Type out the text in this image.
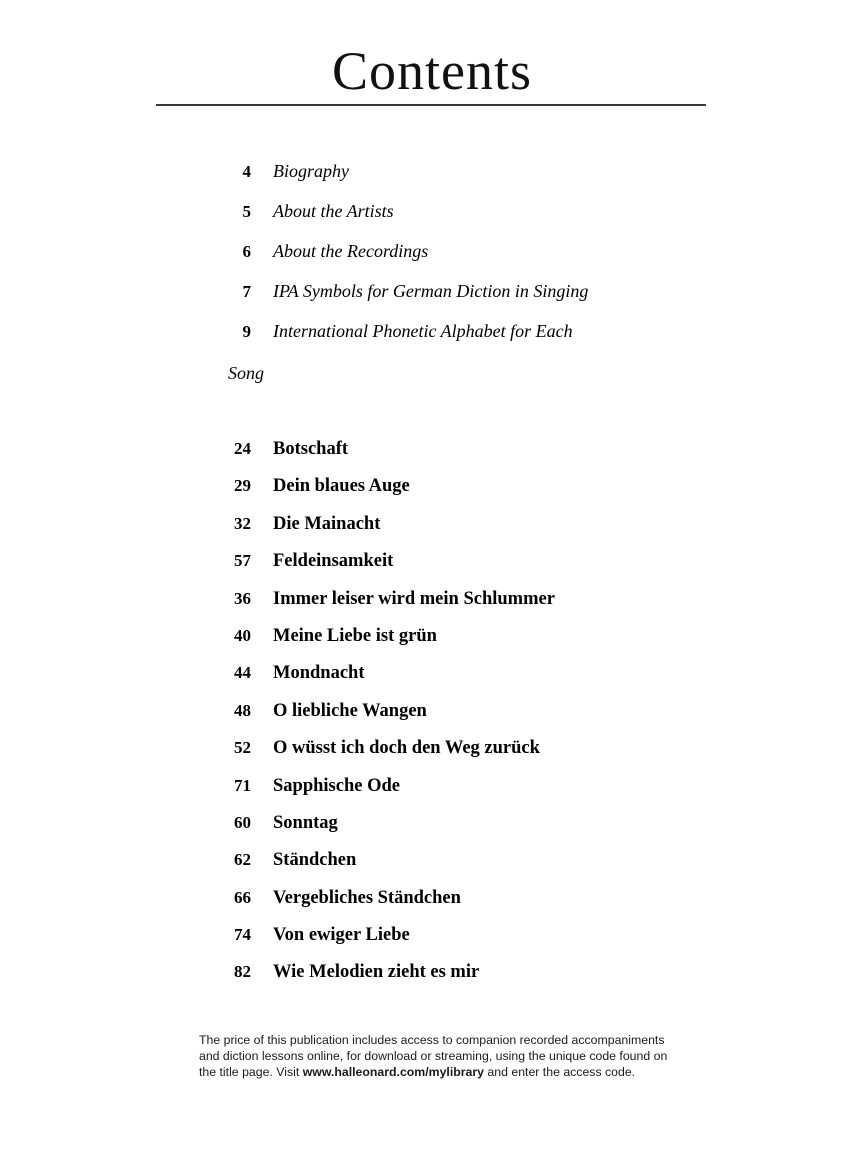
Contents
4	Biography
5	About the Artists
6	About the Recordings
7	IPA Symbols for German Diction in Singing
9	International Phonetic Alphabet for Each
Song
24	Botschaft
29	Dein blaues Auge
32	Die Mainacht
57	Feldeinsamkeit
36	Immer leiser wird mein Schlummer
40	Meine Liebe ist grün
44	Mondnacht
48	O liebliche Wangen
52	O wüsst ich doch den Weg zurück
71	Sapphische Ode
60	Sonntag
62	Ständchen
66	Vergebliches Ständchen
74	Von ewiger Liebe
82	Wie Melodien zieht es mir
The price of this publication includes access to companion recorded accompaniments and diction lessons online, for download or streaming, using the unique code found on the title page. Visit www.halleonard.com/mylibrary and enter the access code.
